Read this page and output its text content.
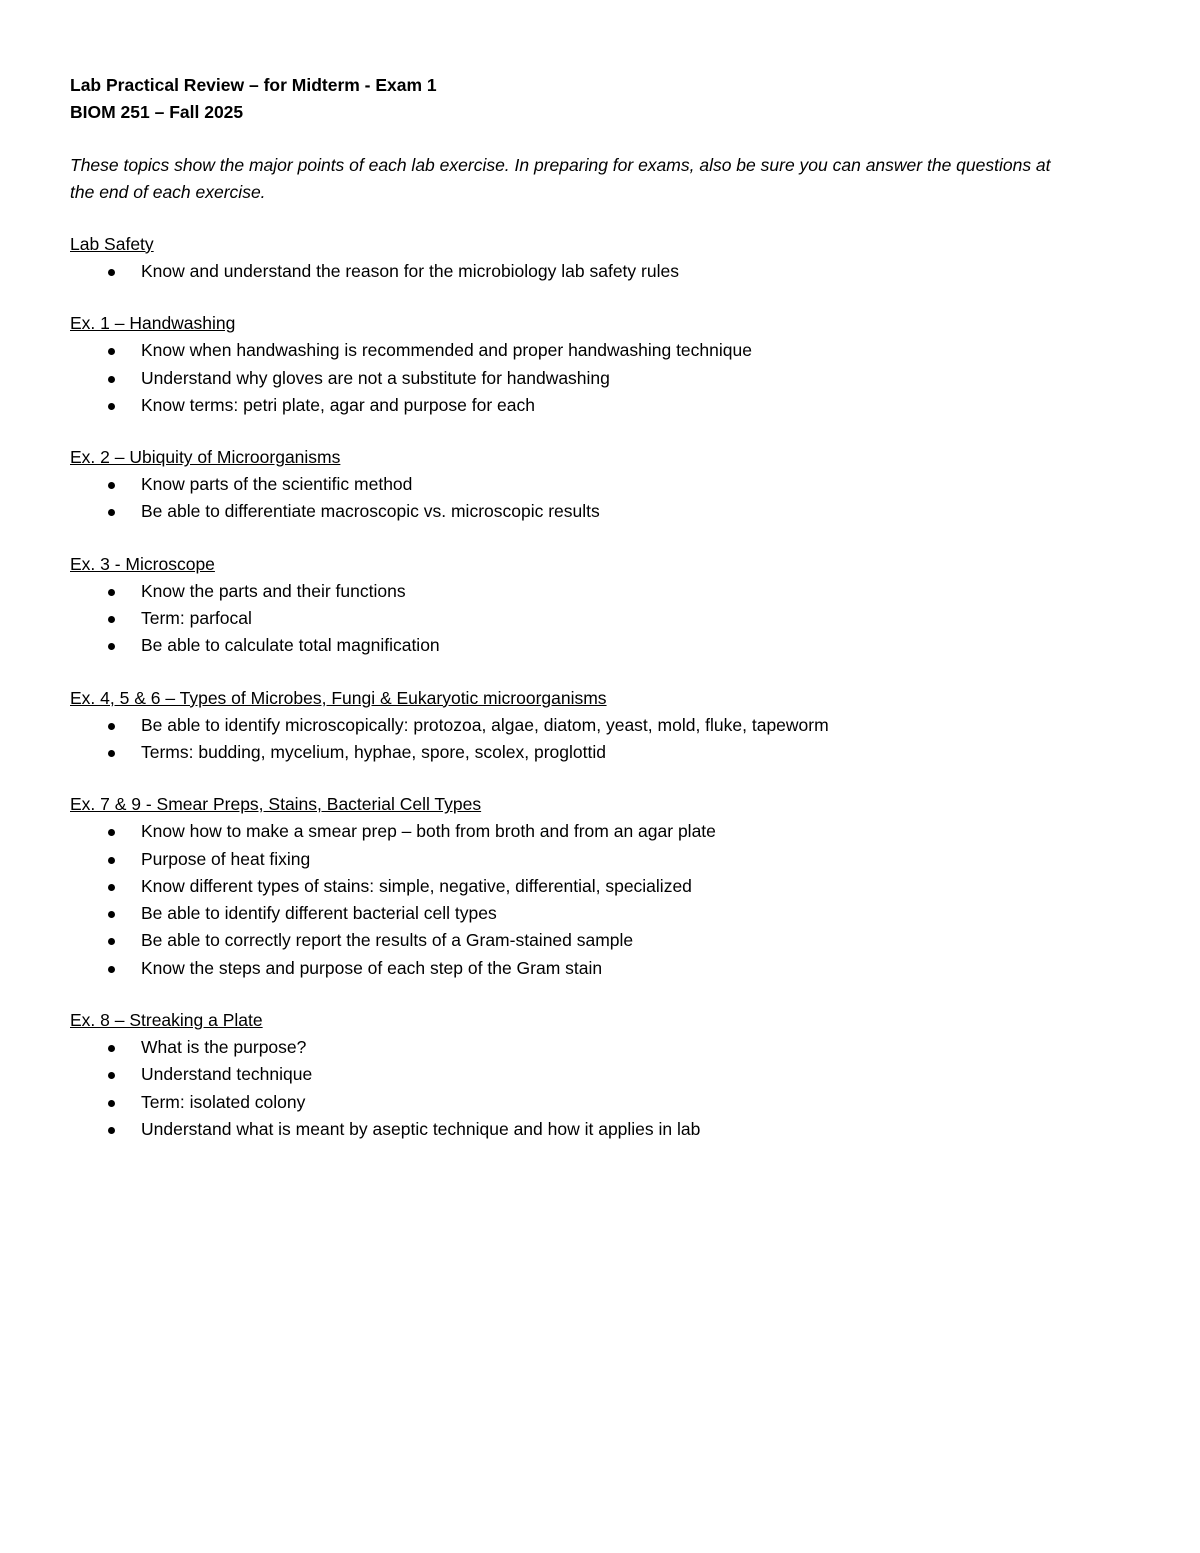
Lab Practical Review – for Midterm - Exam 1

BIOM 251 – Fall 2025

These topics show the major points of each lab exercise. In preparing for exams, also be sure you can answer the questions at the end of each exercise.

Lab Safety

Know and understand the reason for the microbiology lab safety rules

Ex. 1 – Handwashing

Know when handwashing is recommended and proper handwashing technique
Understand why gloves are not a substitute for handwashing
Know terms: petri plate, agar and purpose for each

Ex. 2 – Ubiquity of Microorganisms

Know parts of the scientific method
Be able to differentiate macroscopic vs. microscopic results

Ex. 3 - Microscope

Know the parts and their functions
Term: parfocal
Be able to calculate total magnification

Ex. 4, 5 & 6 – Types of Microbes, Fungi & Eukaryotic microorganisms

Be able to identify microscopically: protozoa, algae, diatom, yeast, mold, fluke, tapeworm
Terms: budding, mycelium, hyphae, spore, scolex, proglottid

Ex. 7 & 9 - Smear Preps, Stains, Bacterial Cell Types

Know how to make a smear prep – both from broth and from an agar plate
Purpose of heat fixing
Know different types of stains: simple, negative, differential, specialized
Be able to identify different bacterial cell types
Be able to correctly report the results of a Gram-stained sample
Know the steps and purpose of each step of the Gram stain

Ex. 8 – Streaking a Plate

What is the purpose?
Understand technique
Term: isolated colony
Understand what is meant by aseptic technique and how it applies in lab
